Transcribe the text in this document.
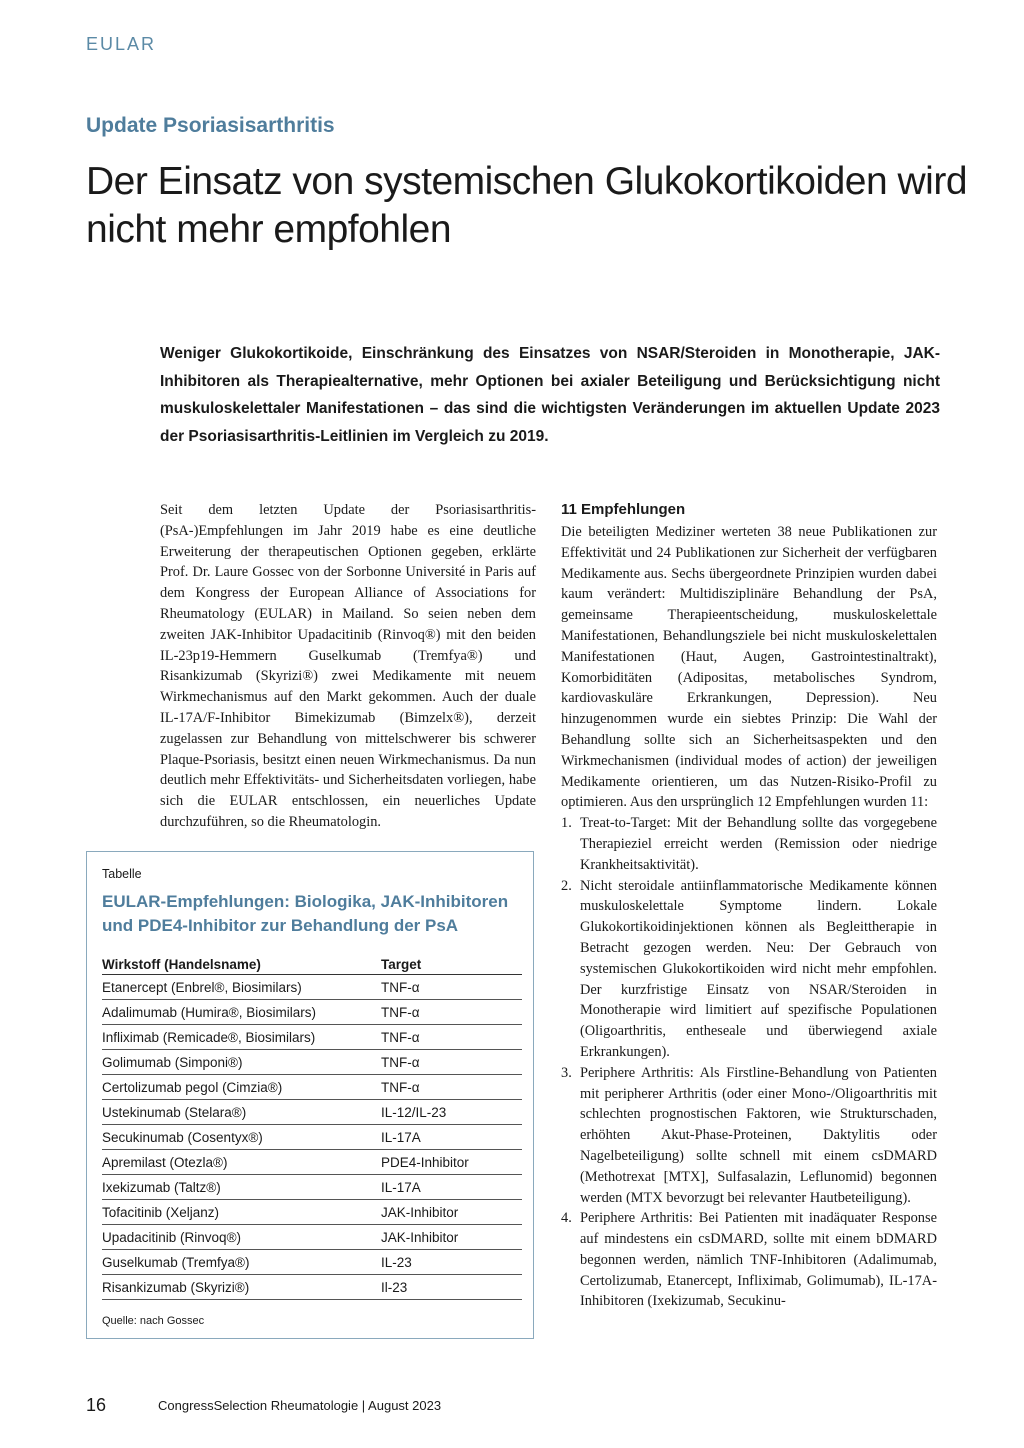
EULAR
Update Psoriasisarthritis
Der Einsatz von systemischen Glukokortikoiden wird nicht mehr empfohlen

Weniger Glukokortikoide, Einschränkung des Einsatzes von NSAR/Steroiden in Monotherapie, JAK-Inhibitoren als Therapiealternative, mehr Optionen bei axialer Beteiligung und Berücksichtigung nicht muskuloskelettaler Manifestationen – das sind die wichtigsten Veränderungen im aktuellen Update 2023 der Psoriasisarthritis-Leitlinien im Vergleich zu 2019.

Seit dem letzten Update der Psoriasisarthritis-(PsA-)Empfehlungen im Jahr 2019 habe es eine deutliche Erweiterung der therapeutischen Optionen gegeben, erklärte Prof. Dr. Laure Gossec von der Sorbonne Université in Paris auf dem Kongress der European Alliance of Associations for Rheumatology (EULAR) in Mailand. So seien neben dem zweiten JAK-Inhibitor Upadacitinib (Rinvoq®) mit den beiden IL-23p19-Hemmern Guselkumab (Tremfya®) und Risankizumab (Skyrizi®) zwei Medikamente mit neuem Wirkmechanismus auf den Markt gekommen. Auch der duale IL-17A/F-Inhibitor Bimekizumab (Bimzelx®), derzeit zugelassen zur Behandlung von mittelschwerer bis schwerer Plaque-Psoriasis, besitzt einen neuen Wirkmechanismus. Da nun deutlich mehr Effektivitäts- und Sicherheitsdaten vorliegen, habe sich die EULAR entschlossen, ein neuerliches Update durchzuführen, so die Rheumatologin.

11 Empfehlungen

Die beteiligten Mediziner werteten 38 neue Publikationen zur Effektivität und 24 Publikationen zur Sicherheit der verfügbaren Medikamente aus. Sechs übergeordnete Prinzipien wurden dabei kaum verändert: Multidisziplinäre Behandlung der PsA, gemeinsame Therapieentscheidung, muskuloskelettale Manifestationen, Behandlungsziele bei nicht muskuloskelettalen Manifestationen (Haut, Augen, Gastrointestinaltrakt), Komorbiditäten (Adipositas, metabolisches Syndrom, kardiovaskuläre Erkrankungen, Depression). Neu hinzugenommen wurde ein siebtes Prinzip: Die Wahl der Behandlung sollte sich an Sicherheitsaspekten und den Wirkmechanismen (individual modes of action) der jeweiligen Medikamente orientieren, um das Nutzen-Risiko-Profil zu optimieren. Aus den ursprünglich 12 Empfehlungen wurden 11:

1. Treat-to-Target: Mit der Behandlung sollte das vorgegebene Therapieziel erreicht werden (Remission oder niedrige Krankheitsaktivität).
2. Nicht steroidale antiinflammatorische Medikamente können muskuloskelettale Symptome lindern. Lokale Glukokortikoidinjektionen können als Begleittherapie in Betracht gezogen werden. Neu: Der Gebrauch von systemischen Glukokortikoiden wird nicht mehr empfohlen. Der kurzfristige Einsatz von NSAR/Steroiden in Monotherapie wird limitiert auf spezifische Populationen (Oligoarthritis, entheseale und überwiegend axiale Erkrankungen).
3. Periphere Arthritis: Als Firstline-Behandlung von Patienten mit peripherer Arthritis (oder einer Mono-/Oligoarthritis mit schlechten prognostischen Faktoren, wie Strukturschaden, erhöhten Akut-Phase-Proteinen, Daktylitis oder Nagelbeteiligung) sollte schnell mit einem csDMARD (Methotrexat [MTX], Sulfasalazin, Leflunomid) begonnen werden (MTX bevorzugt bei relevanter Hautbeteiligung).
4. Periphere Arthritis: Bei Patienten mit inadäquater Response auf mindestens ein csDMARD, sollte mit einem bDMARD begonnen werden, nämlich TNF-Inhibitoren (Adalimumab, Certolizumab, Etanercept, Infliximab, Golimumab), IL-17A-Inhibitoren (Ixekizumab, Secukinu-
Tabelle
EULAR-Empfehlungen: Biologika, JAK-Inhibitoren und PDE4-Inhibitor zur Behandlung der PsA
Wirkstoff (Handelsname)	Target
Etanercept (Enbrel®, Biosimilars)	TNF-α
Adalimumab (Humira®, Biosimilars)	TNF-α
Infliximab (Remicade®, Biosimilars)	TNF-α
Golimumab (Simponi®)	TNF-α
Certolizumab pegol (Cimzia®)	TNF-α
Ustekinumab (Stelara®)	IL-12/IL-23
Secukinumab (Cosentyx®)	IL-17A
Apremilast (Otezla®)	PDE4-Inhibitor
Ixekizumab (Taltz®)	IL-17A
Tofacitinib (Xeljanz)	JAK-Inhibitor
Upadacitinib (Rinvoq®)	JAK-Inhibitor
Guselkumab (Tremfya®)	IL-23
Risankizumab (Skyrizi®)	Il-23
Quelle: nach Gossec
16	CongressSelection Rheumatologie | August 2023
